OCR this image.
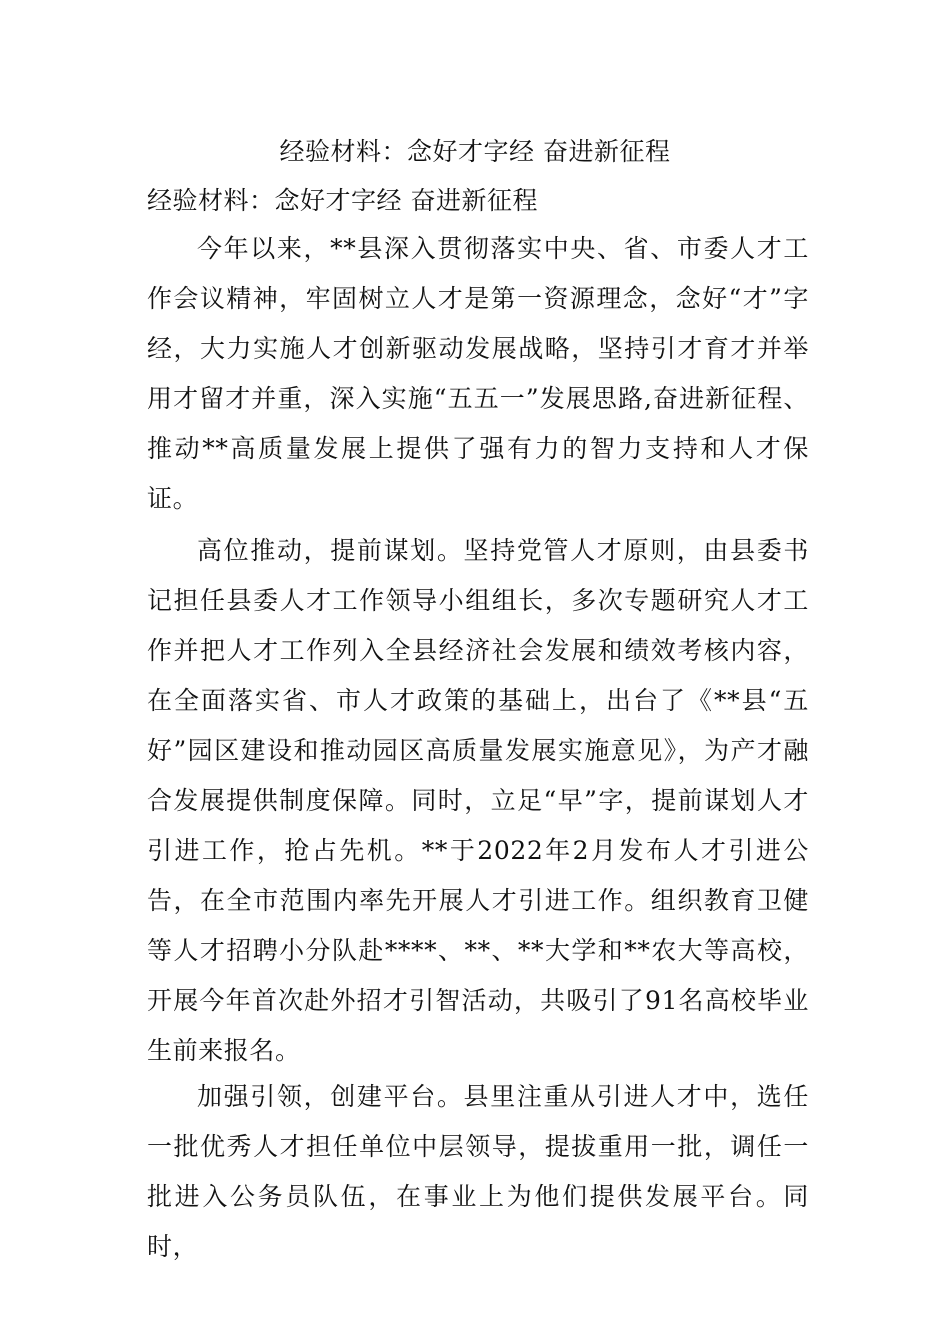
经验材料：念好才字经 奋进新征程
经验材料：念好才字经 奋进新征程

今年以来，**县深入贯彻落实中央、省、市委人才工作会议精神，牢固树立人才是第一资源理念，念好“才”字经，大力实施人才创新驱动发展战略，坚持引才育才并举用才留才并重，深入实施“五五一”发展思路,奋进新征程、推动**高质量发展上提供了强有力的智力支持和人才保证。

高位推动，提前谋划。坚持党管人才原则，由县委书记担任县委人才工作领导小组组长，多次专题研究人才工作并把人才工作列入全县经济社会发展和绩效考核内容，在全面落实省、市人才政策的基础上，出台了《**县“五好”园区建设和推动园区高质量发展实施意见》，为产才融合发展提供制度保障。同时，立足“早”字，提前谋划人才引进工作，抢占先机。**于2022年2月发布人才引进公告，在全市范围内率先开展人才引进工作。组织教育卫健等人才招聘小分队赴****、**、**大学和**农大等高校，开展今年首次赴外招才引智活动，共吸引了91名高校毕业生前来报名。

加强引领，创建平台。县里注重从引进人才中，选任一批优秀人才担任单位中层领导，提拔重用一批，调任一批进入公务员队伍，在事业上为他们提供发展平台。同时，
